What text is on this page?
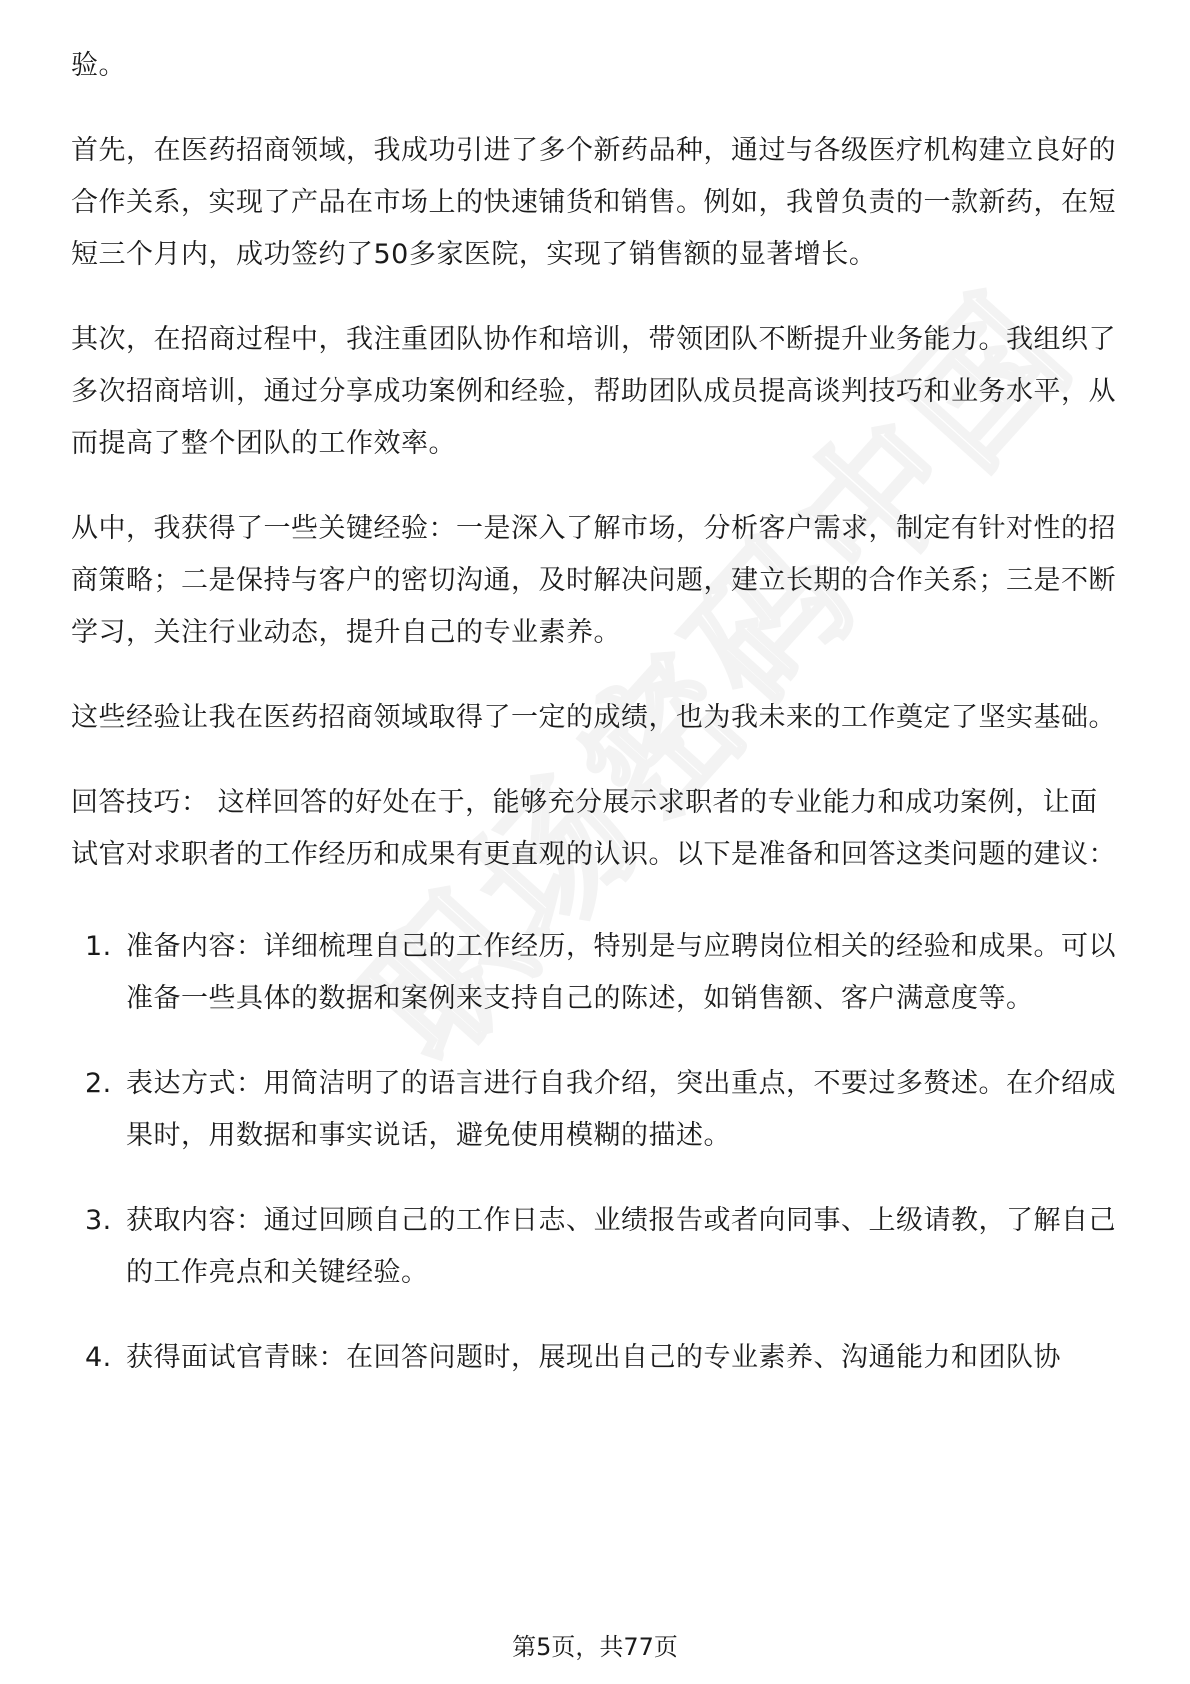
验。

首先，在医药招商领域，我成功引进了多个新药品种，通过与各级医疗机构建立良好的合作关系，实现了产品在市场上的快速铺货和销售。例如，我曾负责的一款新药，在短短三个月内，成功签约了50多家医院，实现了销售额的显著增长。

其次，在招商过程中，我注重团队协作和培训，带领团队不断提升业务能力。我组织了多次招商培训，通过分享成功案例和经验，帮助团队成员提高谈判技巧和业务水平，从而提高了整个团队的工作效率。

从中，我获得了一些关键经验：一是深入了解市场，分析客户需求，制定有针对性的招商策略；二是保持与客户的密切沟通，及时解决问题，建立长期的合作关系；三是不断学习，关注行业动态，提升自己的专业素养。

这些经验让我在医药招商领域取得了一定的成绩，也为我未来的工作奠定了坚实基础。

回答技巧： 这样回答的好处在于，能够充分展示求职者的专业能力和成功案例，让面试官对求职者的工作经历和成果有更直观的认识。以下是准备和回答这类问题的建议：

1. 准备内容：详细梳理自己的工作经历，特别是与应聘岗位相关的经验和成果。可以准备一些具体的数据和案例来支持自己的陈述，如销售额、客户满意度等。
2. 表达方式：用简洁明了的语言进行自我介绍，突出重点，不要过多赘述。在介绍成果时，用数据和事实说话，避免使用模糊的描述。
3. 获取内容：通过回顾自己的工作日志、业绩报告或者向同事、上级请教，了解自己的工作亮点和关键经验。
4. 获得面试官青睐：在回答问题时，展现出自己的专业素养、沟通能力和团队协
第5页，共77页
